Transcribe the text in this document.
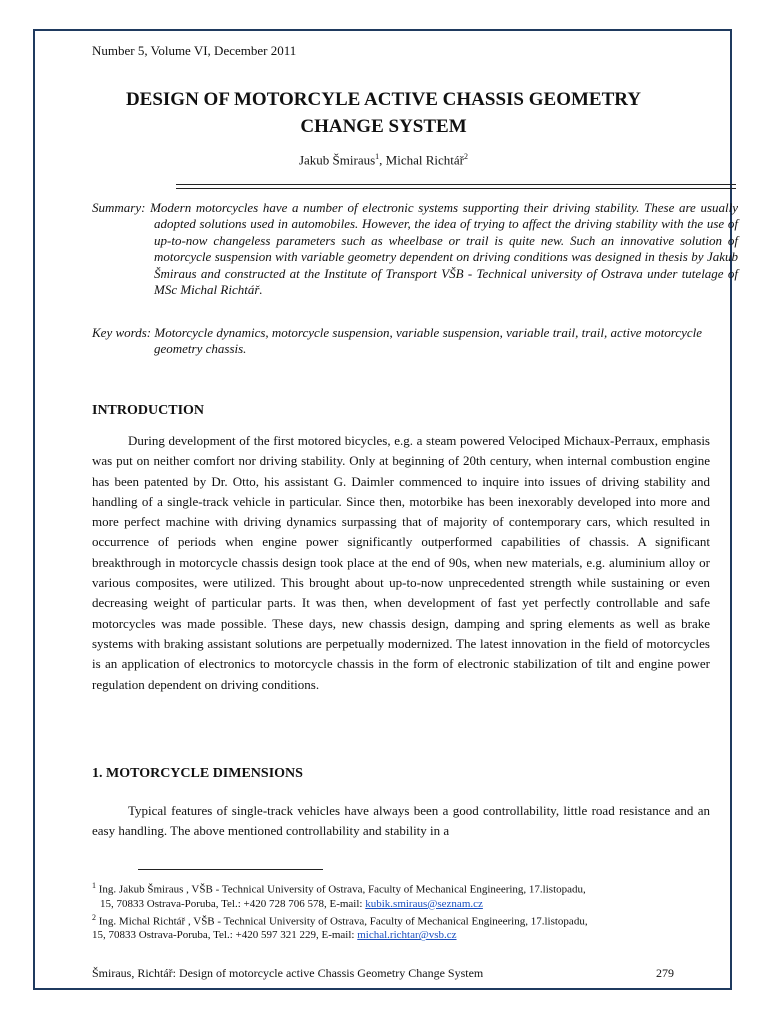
Number 5, Volume VI, December 2011
DESIGN OF MOTORCYLE ACTIVE CHASSIS GEOMETRY
CHANGE SYSTEM
Jakub Šmiraus$^1$, Michal Richtář$^2$
Summary: Modern motorcycles have a number of electronic systems supporting their driving stability. These are usually adopted solutions used in automobiles. However, the idea of trying to affect the driving stability with the use of up-to-now changeless parameters such as wheelbase or trail is quite new. Such an innovative solution of motorcycle suspension with variable geometry dependent on driving conditions was designed in thesis by Jakub Šmiraus and constructed at the Institute of Transport VŠB - Technical university of Ostrava under tutelage of MSc Michal Richtář.
Key words: Motorcycle dynamics, motorcycle suspension, variable suspension, variable trail, trail, active motorcycle geometry chassis.
INTRODUCTION
During development of the first motored bicycles, e.g. a steam powered Velociped Michaux-Perraux, emphasis was put on neither comfort nor driving stability. Only at beginning of 20th century, when internal combustion engine has been patented by Dr. Otto, his assistant G. Daimler commenced to inquire into issues of driving stability and handling of a single-track vehicle in particular. Since then, motorbike has been inexorably developed into more and more perfect machine with driving dynamics surpassing that of majority of contemporary cars, which resulted in occurrence of periods when engine power significantly outperformed capabilities of chassis. A significant breakthrough in motorcycle chassis design took place at the end of 90s, when new materials, e.g. aluminium alloy or various composites, were utilized. This brought about up-to-now unprecedented strength while sustaining or even decreasing weight of particular parts. It was then, when development of fast yet perfectly controllable and safe motorcycles was made possible. These days, new chassis design, damping and spring elements as well as brake systems with braking assistant solutions are perpetually modernized. The latest innovation in the field of motorcycles is an application of electronics to motorcycle chassis in the form of electronic stabilization of tilt and engine power regulation dependent on driving conditions.
1. MOTORCYCLE DIMENSIONS
Typical features of single-track vehicles have always been a good controllability, little road resistance and an easy handling. The above mentioned controllability and stability in a
$^1$ Ing. Jakub Šmiraus , VŠB - Technical University of Ostrava, Faculty of Mechanical Engineering, 17.listopadu,
15, 70833 Ostrava-Poruba, Tel.: +420 728 706 578, E-mail: kubik.smiraus@seznam.cz
$^2$ Ing. Michal Richtář , VŠB - Technical University of Ostrava, Faculty of Mechanical Engineering, 17.listopadu,
15, 70833 Ostrava-Poruba, Tel.: +420 597 321 229, E-mail: michal.richtar@vsb.cz
Šmiraus, Richtář: Design of motorcycle active Chassis Geometry Change System	279
